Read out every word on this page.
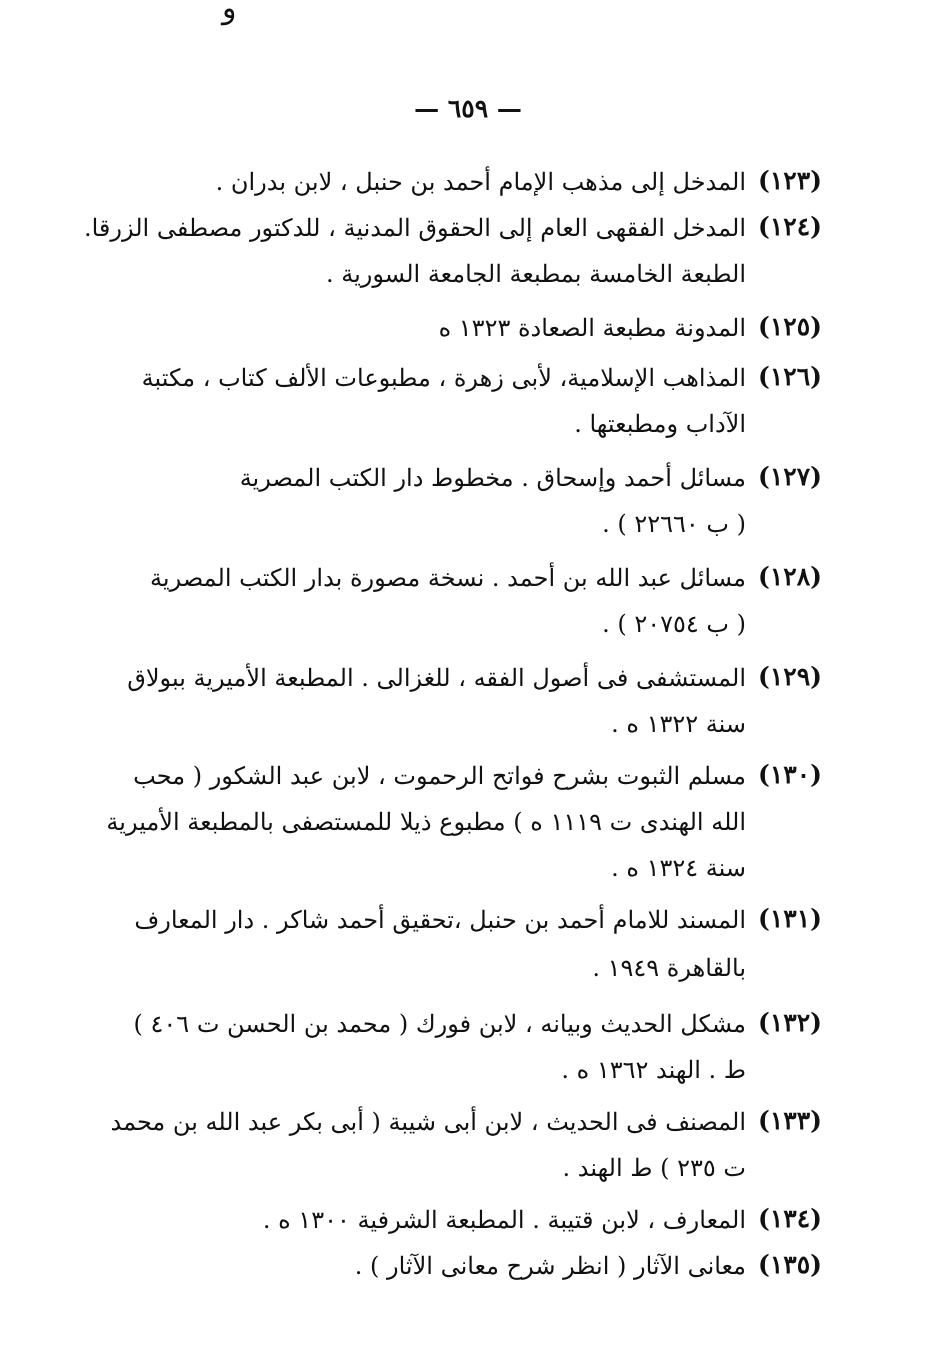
و
— ٦٥٩ —
(١٢٣)
المدخل إلى مذهب الإمام أحمد بن حنبل ، لابن بدران .
(١٢٤)
المدخل الفقهى العام إلى الحقوق المدنية ، للدكتور مصطفى الزرقا.
الطبعة الخامسة بمطبعة الجامعة السورية .
(١٢٥)
المدونة مطبعة الصعادة ١٣٢٣ ه
(١٢٦)
المذاهب الإسلامية، لأبى زهرة ، مطبوعات الألف كتاب ، مكتبة
الآداب ومطبعتها .
(١٢٧)
مسائل أحمد وإسحاق . مخطوط دار الكتب المصرية
( ب ٢٢٦٦٠ ) .
(١٢٨)
مسائل عبد الله بن أحمد . نسخة مصورة بدار الكتب المصرية
( ب ٢٠٧٥٤ ) .
(١٢٩)
المستشفى فى أصول الفقه ، للغزالى . المطبعة الأميرية ببولاق
سنة ١٣٢٢ ه .
(١٣٠)
مسلم الثبوت بشرح فواتح الرحموت ، لابن عبد الشكور ( محب
الله الهندى ت ١١١٩ ه ) مطبوع ذيلا للمستصفى بالمطبعة الأميرية
سنة ١٣٢٤ ه .
(١٣١)
المسند للامام أحمد بن حنبل ،تحقيق أحمد شاكر . دار المعارف
بالقاهرة ١٩٤٩ .
(١٣٢)
مشكل الحديث وبيانه ، لابن فورك ( محمد بن الحسن ت ٤٠٦ )
ط . الهند ١٣٦٢ ه .
(١٣٣)
المصنف فى الحديث ، لابن أبى شيبة ( أبى بكر عبد الله بن محمد
ت ٢٣٥ ) ط الهند .
(١٣٤)
المعارف ، لابن قتيبة . المطبعة الشرفية ١٣٠٠ ه .
(١٣٥)
معانى الآثار ( انظر شرح معانى الآثار ) .
